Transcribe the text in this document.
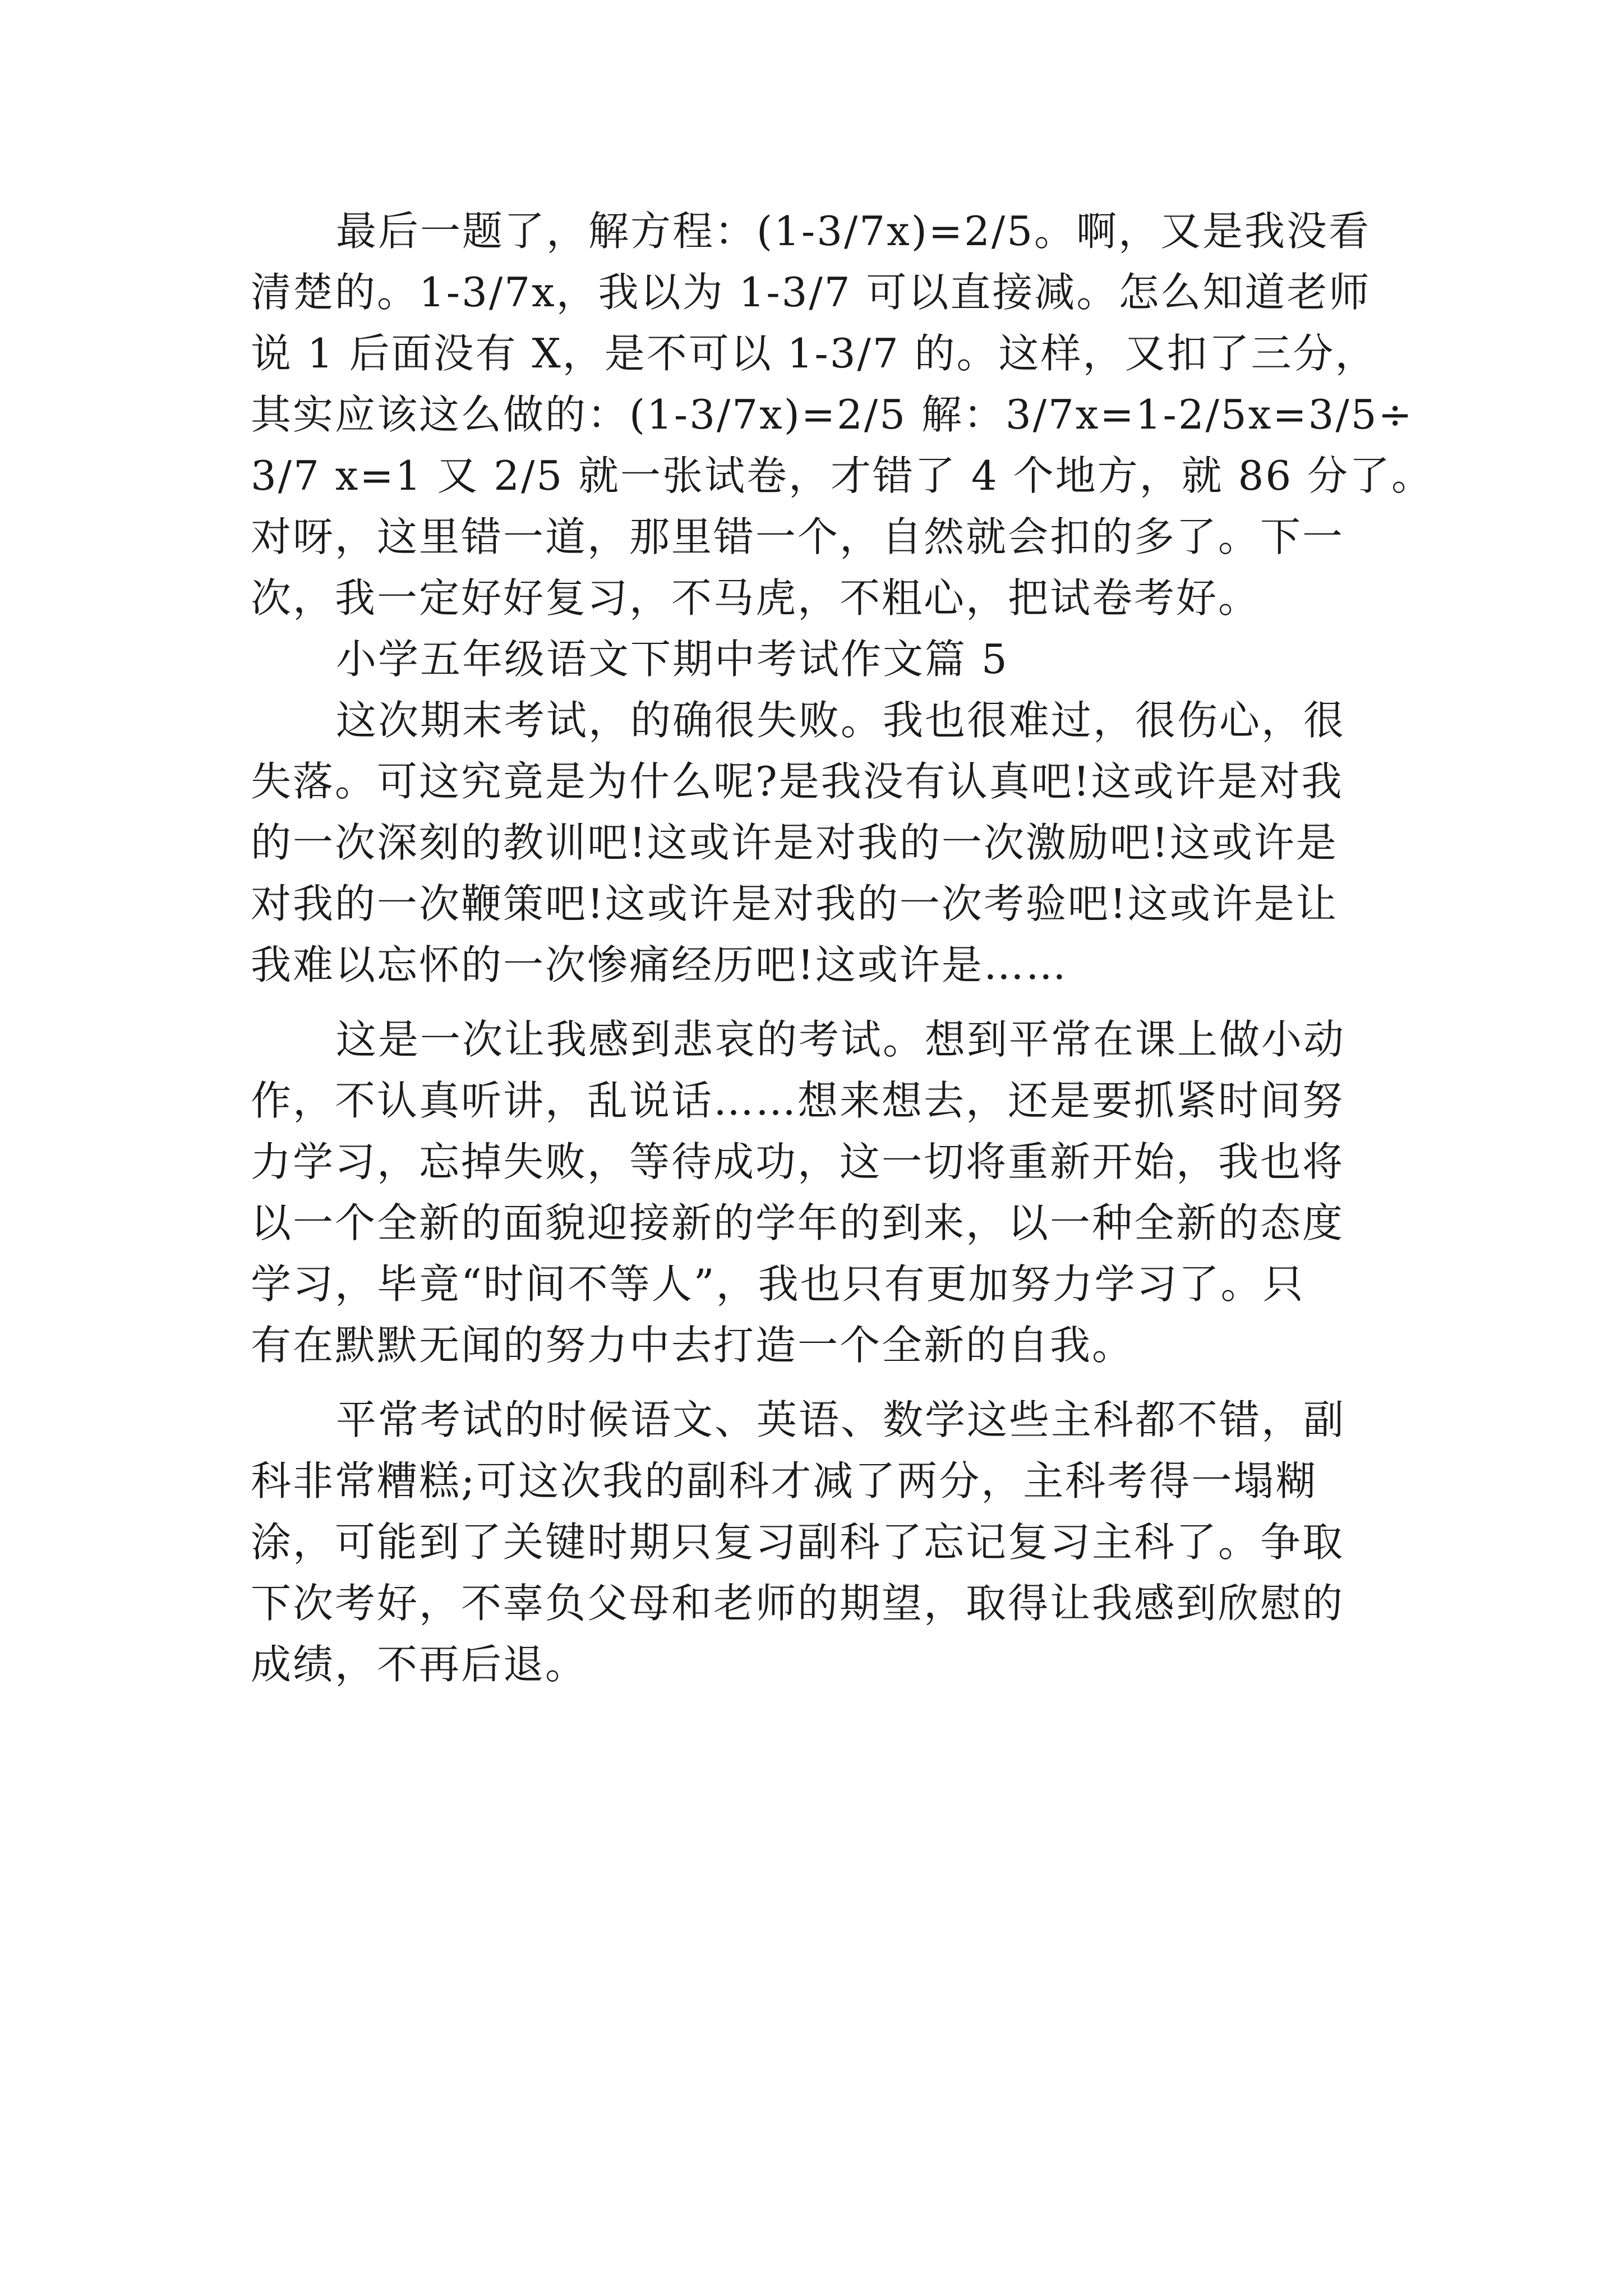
最后一题了，解方程：(1-3/7x)=2/5。啊，又是我没看
清楚的。1-3/7x，我以为 1-3/7 可以直接减。怎么知道老师
说 1 后面没有 X，是不可以 1-3/7 的。这样，又扣了三分，
其实应该这么做的：(1-3/7x)=2/5 解：3/7x=1-2/5x=3/5÷
3/7 x=1 又 2/5 就一张试卷，才错了 4 个地方，就 86 分了。
对呀，这里错一道，那里错一个，自然就会扣的多了。下一
次，我一定好好复习，不马虎，不粗心，把试卷考好。
小学五年级语文下期中考试作文篇 5
这次期末考试，的确很失败。我也很难过，很伤心，很
失落。可这究竟是为什么呢?是我没有认真吧!这或许是对我
的一次深刻的教训吧!这或许是对我的一次激励吧!这或许是
对我的一次鞭策吧!这或许是对我的一次考验吧!这或许是让
我难以忘怀的一次惨痛经历吧!这或许是……
这是一次让我感到悲哀的考试。想到平常在课上做小动
作，不认真听讲，乱说话……想来想去，还是要抓紧时间努
力学习，忘掉失败，等待成功，这一切将重新开始，我也将
以一个全新的面貌迎接新的学年的到来，以一种全新的态度
学习，毕竟“时间不等人”，我也只有更加努力学习了。只
有在默默无闻的努力中去打造一个全新的自我。
平常考试的时候语文、英语、数学这些主科都不错，副
科非常糟糕;可这次我的副科才减了两分，主科考得一塌糊
涂，可能到了关键时期只复习副科了忘记复习主科了。争取
下次考好，不辜负父母和老师的期望，取得让我感到欣慰的
成绩，不再后退。
